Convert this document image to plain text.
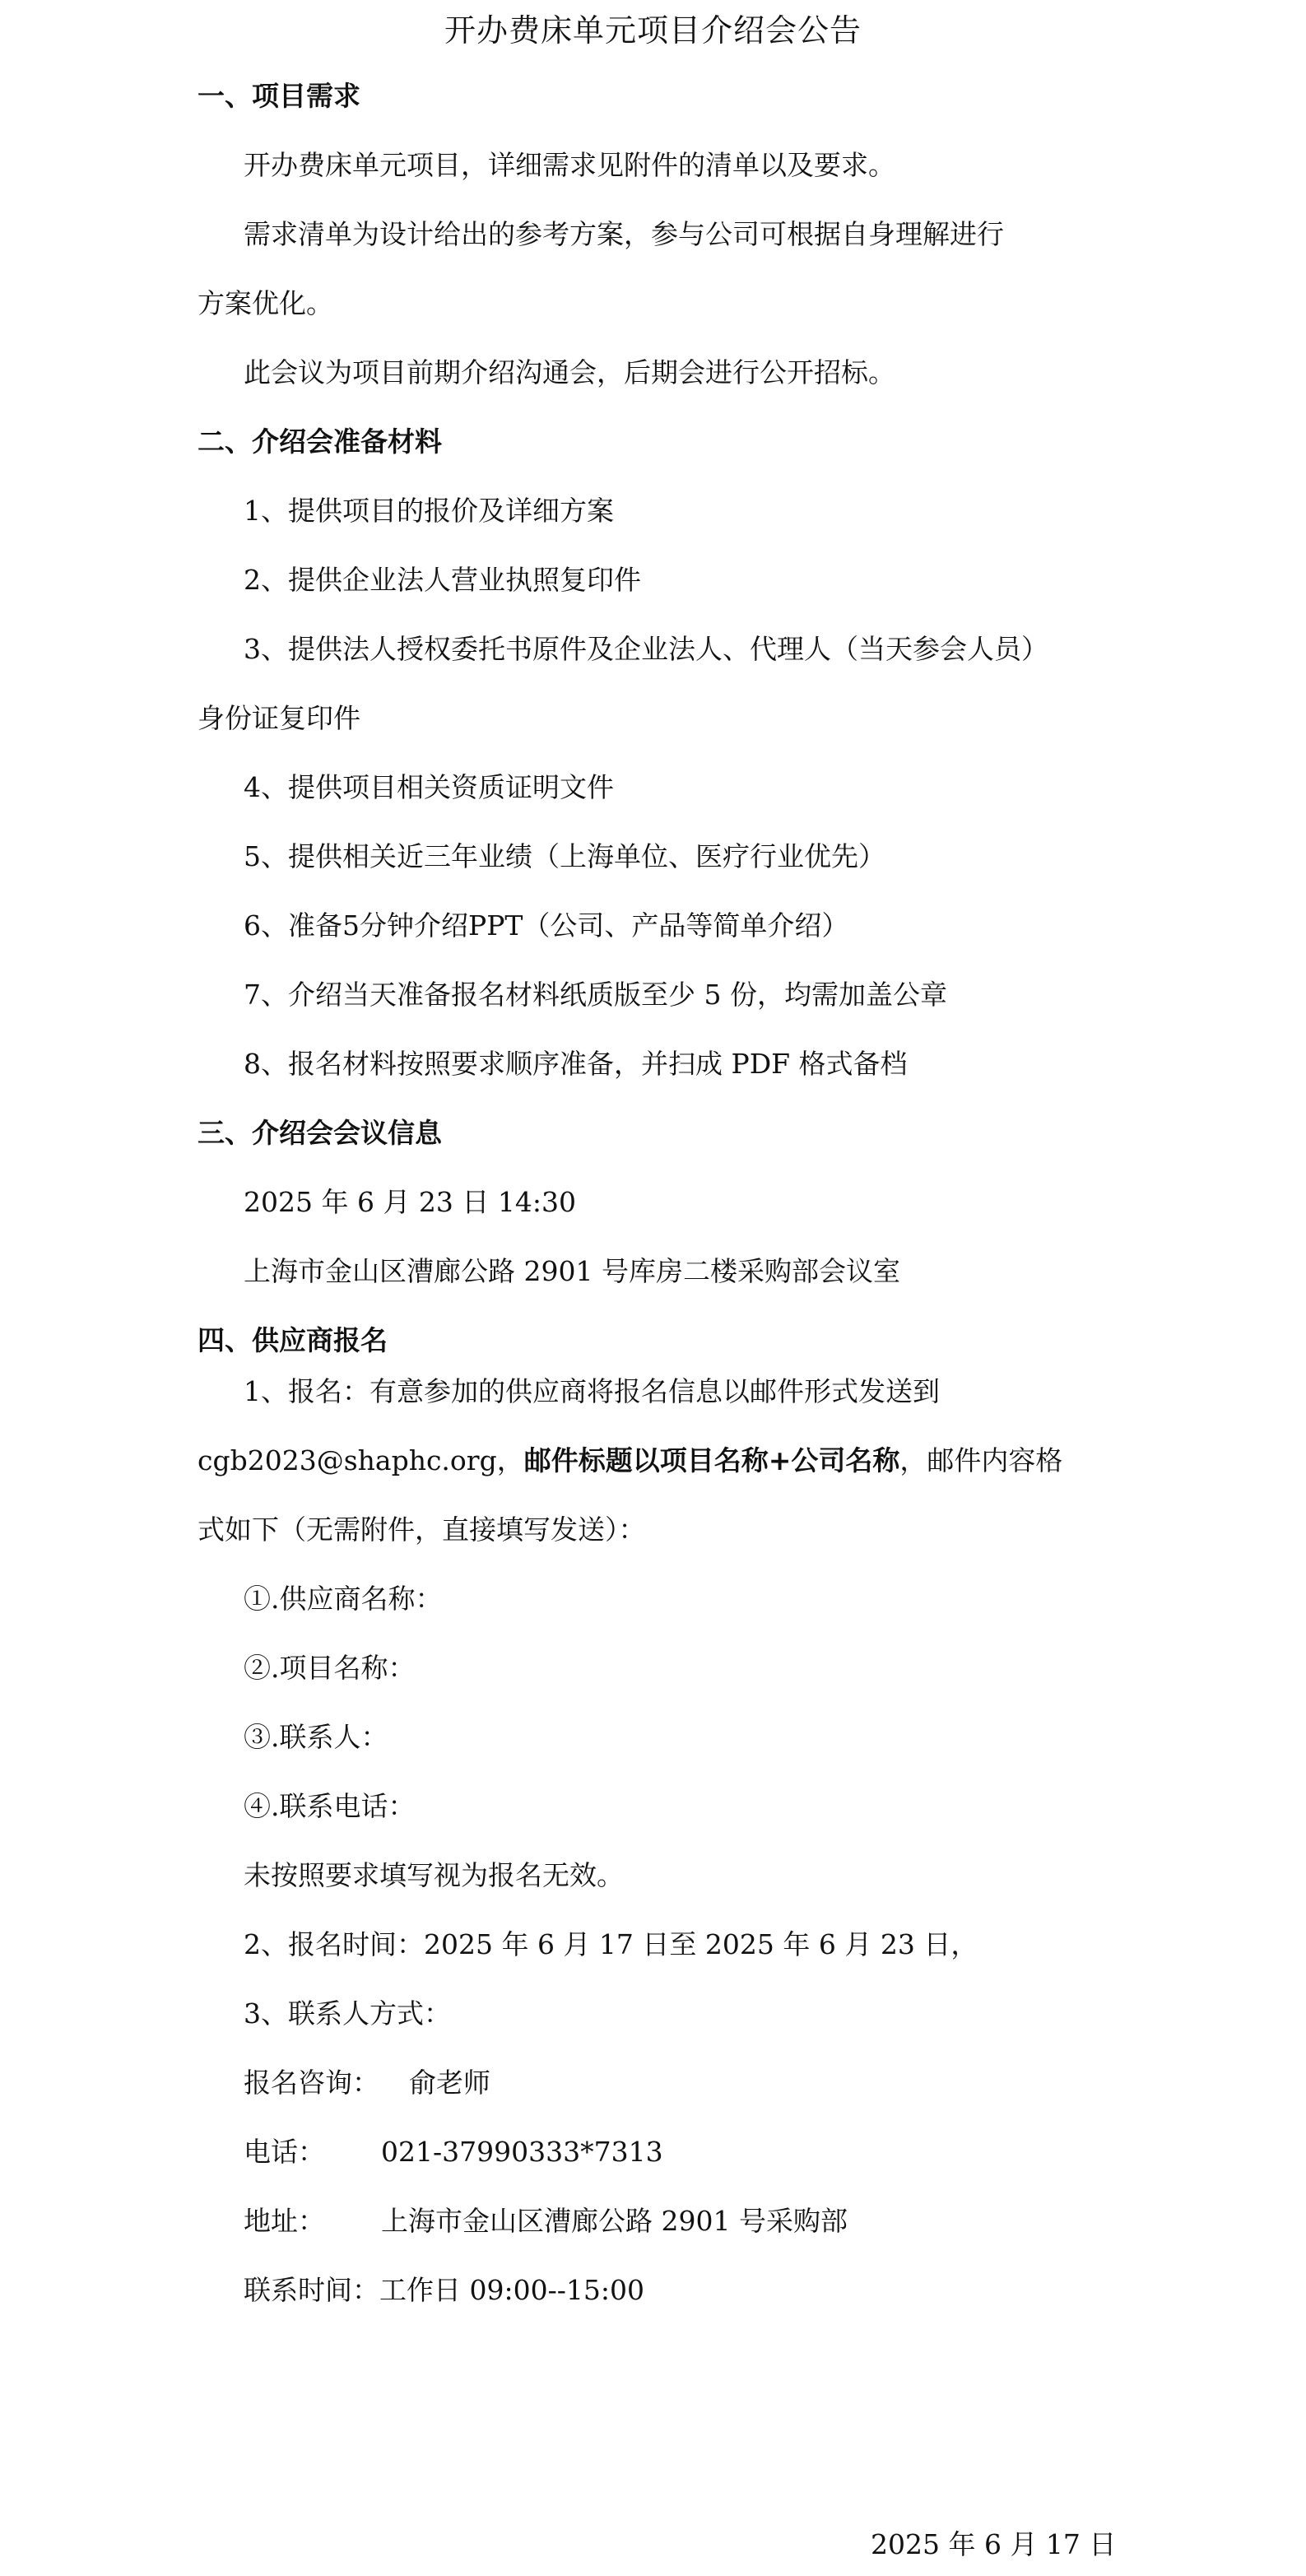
开办费床单元项目介绍会公告
一、项目需求
开办费床单元项目，详细需求见附件的清单以及要求。
需求清单为设计给出的参考方案，参与公司可根据自身理解进行
方案优化。
此会议为项目前期介绍沟通会，后期会进行公开招标。
二、介绍会准备材料
1、提供项目的报价及详细方案
2、提供企业法人营业执照复印件
3、提供法人授权委托书原件及企业法人、代理人（当天参会人员）
身份证复印件
4、提供项目相关资质证明文件
5、提供相关近三年业绩（上海单位、医疗行业优先）
6、准备5分钟介绍PPT（公司、产品等简单介绍）
7、介绍当天准备报名材料纸质版至少 5 份，均需加盖公章
8、报名材料按照要求顺序准备，并扫成 PDF 格式备档
三、介绍会会议信息
2025 年 6 月 23 日 14:30
上海市金山区漕廊公路 2901 号库房二楼采购部会议室
四、供应商报名
1、报名：有意参加的供应商将报名信息以邮件形式发送到
cgb2023@shaphc.org，邮件标题以项目名称+公司名称，邮件内容格
式如下（无需附件，直接填写发送）：
①.供应商名称：
②.项目名称：
③.联系人：
④.联系电话：
未按照要求填写视为报名无效。
2、报名时间：2025 年 6 月 17 日至 2025 年 6 月 23 日，
3、联系人方式：
报名咨询： 俞老师
电话： 021-37990333*7313
地址： 上海市金山区漕廊公路 2901 号采购部
联系时间：工作日 09:00--15:00
2025 年 6 月 17 日
